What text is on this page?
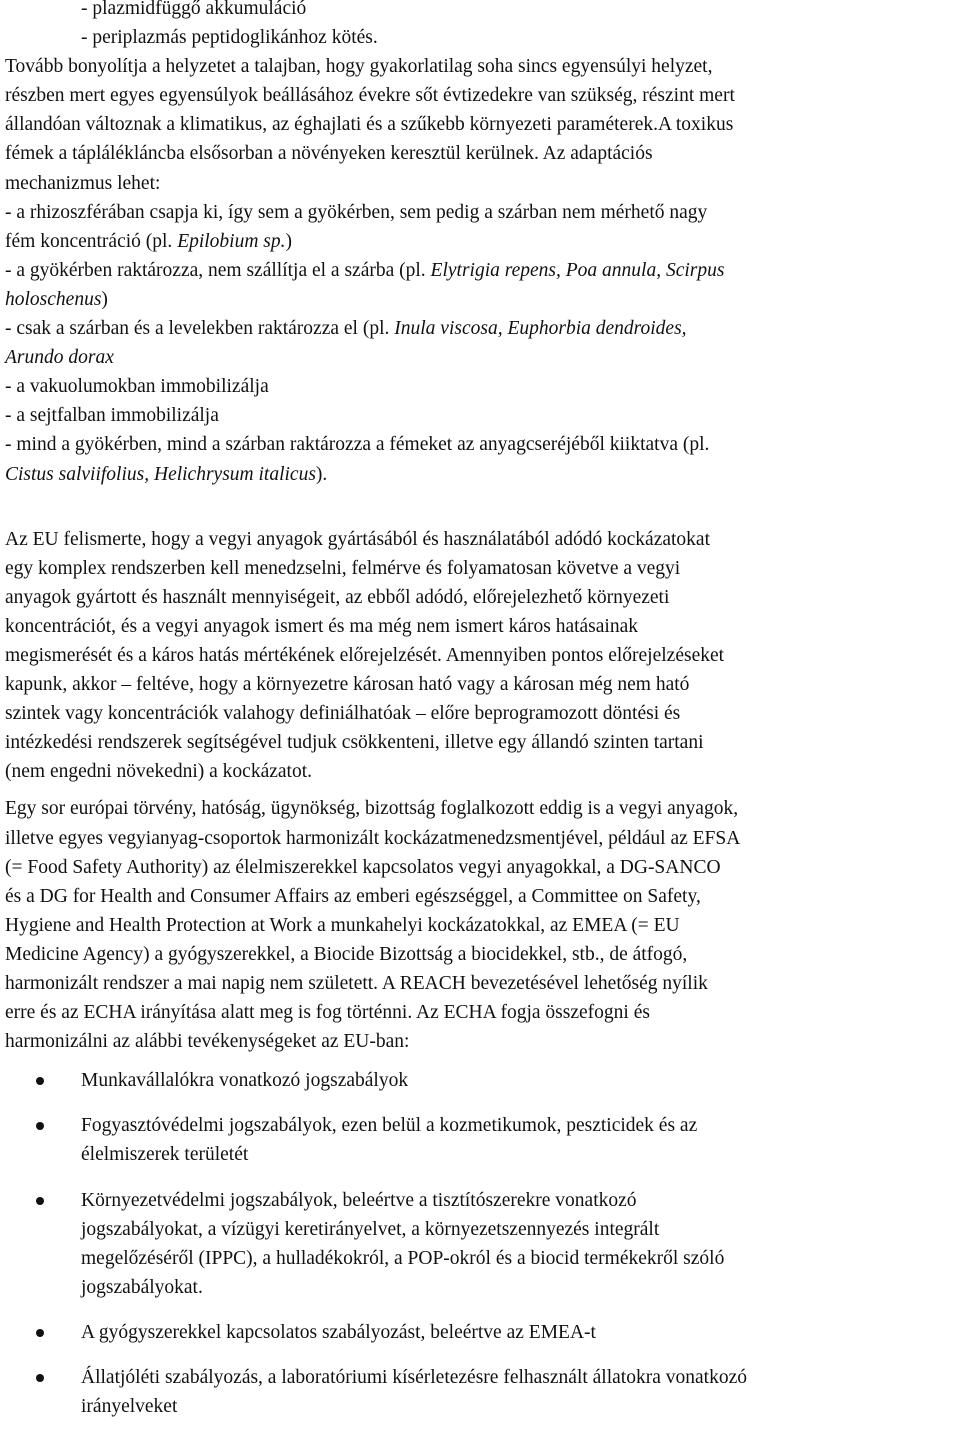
- plazmidfüggő akkumuláció

- periplazmás peptidoglikánhoz kötés.

Tovább bonyolítja a helyzetet a talajban, hogy gyakorlatilag soha sincs egyensúlyi helyzet,

részben mert egyes egyensúlyok beállásához évekre sőt évtizedekre van szükség, részint mert

állandóan változnak a klimatikus, az éghajlati és a szűkebb környezeti paraméterek.A toxikus

fémek a táplálékláncba elsősorban a növényeken keresztül kerülnek. Az adaptációs

mechanizmus lehet:

- a rhizoszférában csapja ki, így sem a gyökérben, sem pedig a szárban nem mérhető nagy

fém koncentráció (pl. Epilobium sp.)

- a gyökérben raktározza, nem szállítja el a szárba (pl. Elytrigia repens, Poa annula, Scirpus

holoschenus)

- csak a szárban és a levelekben raktározza el (pl. Inula viscosa, Euphorbia dendroides,

Arundo dorax

- a vakuolumokban immobilizálja

- a sejtfalban immobilizálja

- mind a gyökérben, mind a szárban raktározza a fémeket az anyagcseréjéből kiiktatva (pl.

Cistus salviifolius, Helichrysum italicus).

Az EU felismerte, hogy a vegyi anyagok gyártásából és használatából adódó kockázatokat

egy komplex rendszerben kell menedzselni, felmérve és folyamatosan követve a vegyi

anyagok gyártott és használt mennyiségeit, az ebből adódó, előrejelezhető környezeti

koncentrációt, és a vegyi anyagok ismert és ma még nem ismert káros hatásainak

megismerését és a káros hatás mértékének előrejelzését. Amennyiben pontos előrejelzéseket

kapunk, akkor – feltéve, hogy a környezetre károsan ható vagy a károsan még nem ható

szintek vagy koncentrációk valahogy definiálhatóak – előre beprogramozott döntési és

intézkedési rendszerek segítségével tudjuk csökkenteni, illetve egy állandó szinten tartani

(nem engedni növekedni) a kockázatot.

Egy sor európai törvény, hatóság, ügynökség, bizottság foglalkozott eddig is a vegyi anyagok,

illetve egyes vegyianyag-csoportok harmonizált kockázatmenedzsmentjével, például az EFSA

(= Food Safety Authority) az élelmiszerekkel kapcsolatos vegyi anyagokkal, a DG-SANCO

és a DG for Health and Consumer Affairs az emberi egészséggel, a Committee on Safety,

Hygiene and Health Protection at Work a munkahelyi kockázatokkal, az EMEA (= EU

Medicine Agency) a gyógyszerekkel, a Biocide Bizottság a biocidekkel, stb., de átfogó,

harmonizált rendszer a mai napig nem született. A REACH bevezetésével lehetőség nyílik

erre és az ECHA irányítása alatt meg is fog történni. Az ECHA fogja összefogni és

harmonizálni az alábbi tevékenységeket az EU-ban:

Munkavállalókra vonatkozó jogszabályok
Fogyasztóvédelmi jogszabályok, ezen belül a kozmetikumok, peszticidek és az
élelmiszerek területét
Környezetvédelmi jogszabályok, beleértve a tisztítószerekre vonatkozó
jogszabályokat, a vízügyi keretirányelvet, a környezetszennyezés integrált
megelőzéséről (IPPC), a hulladékokról, a POP-okról és a biocid termékekről szóló
jogszabályokat.
A gyógyszerekkel kapcsolatos szabályozást, beleértve az EMEA-t
Állatjóléti szabályozás, a laboratóriumi kísérletezésre felhasznált állatokra vonatkozó
irányelveket
